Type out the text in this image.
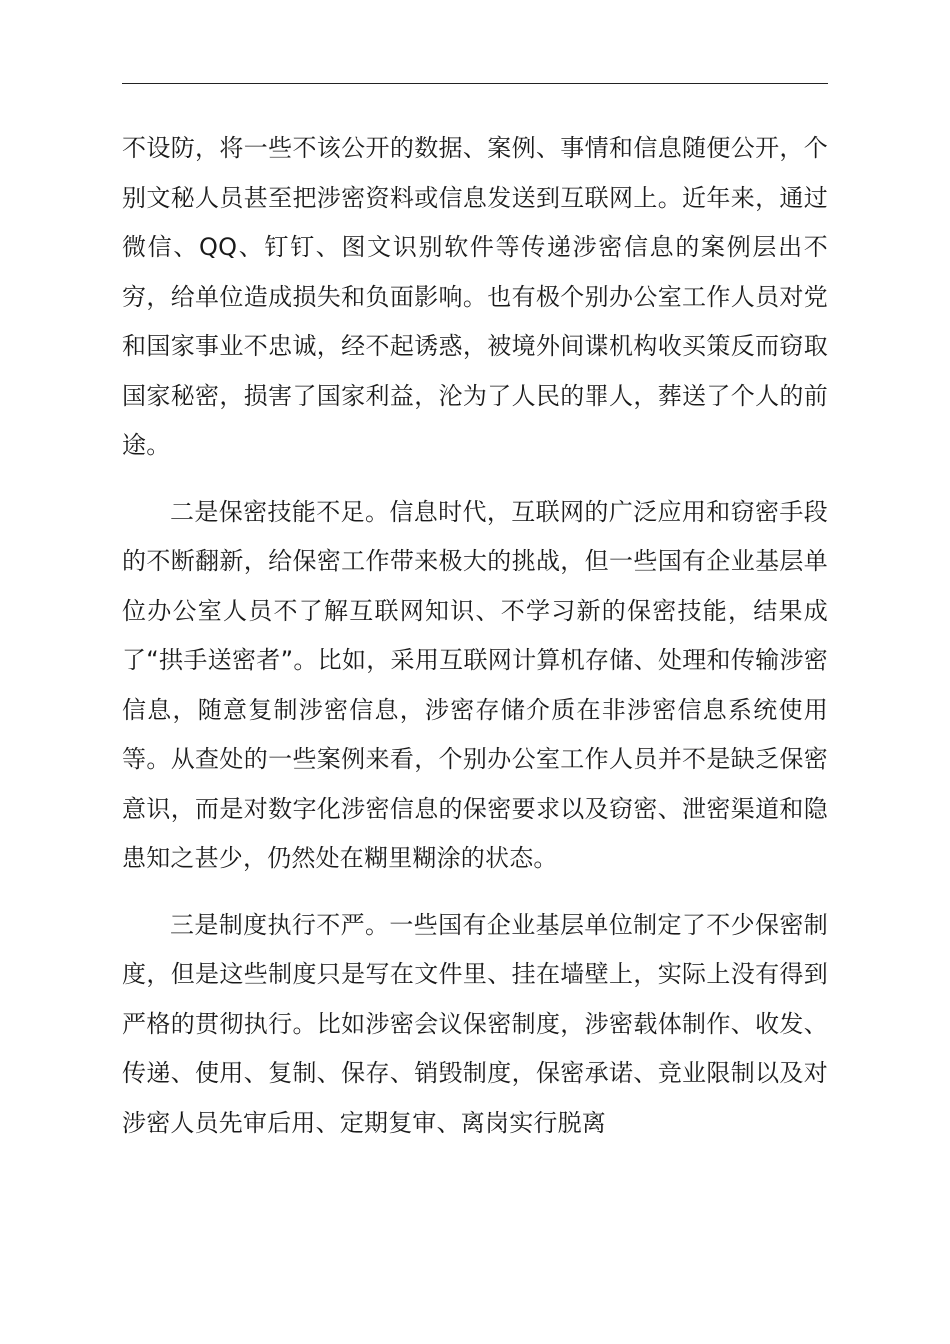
不设防，将一些不该公开的数据、案例、事情和信息随便公开，个别文秘人员甚至把涉密资料或信息发送到互联网上。近年来，通过微信、QQ、钉钉、图文识别软件等传递涉密信息的案例层出不穷，给单位造成损失和负面影响。也有极个别办公室工作人员对党和国家事业不忠诚，经不起诱惑，被境外间谍机构收买策反而窃取国家秘密，损害了国家利益，沦为了人民的罪人，葬送了个人的前途。

二是保密技能不足。信息时代，互联网的广泛应用和窃密手段的不断翻新，给保密工作带来极大的挑战，但一些国有企业基层单位办公室人员不了解互联网知识、不学习新的保密技能，结果成了“拱手送密者”。比如，采用互联网计算机存储、处理和传输涉密信息，随意复制涉密信息，涉密存储介质在非涉密信息系统使用等。从查处的一些案例来看，个别办公室工作人员并不是缺乏保密意识，而是对数字化涉密信息的保密要求以及窃密、泄密渠道和隐患知之甚少，仍然处在糊里糊涂的状态。

三是制度执行不严。一些国有企业基层单位制定了不少保密制度，但是这些制度只是写在文件里、挂在墙壁上，实际上没有得到严格的贯彻执行。比如涉密会议保密制度，涉密载体制作、收发、传递、使用、复制、保存、销毁制度，保密承诺、竞业限制以及对涉密人员先审后用、定期复审、离岗实行脱离
